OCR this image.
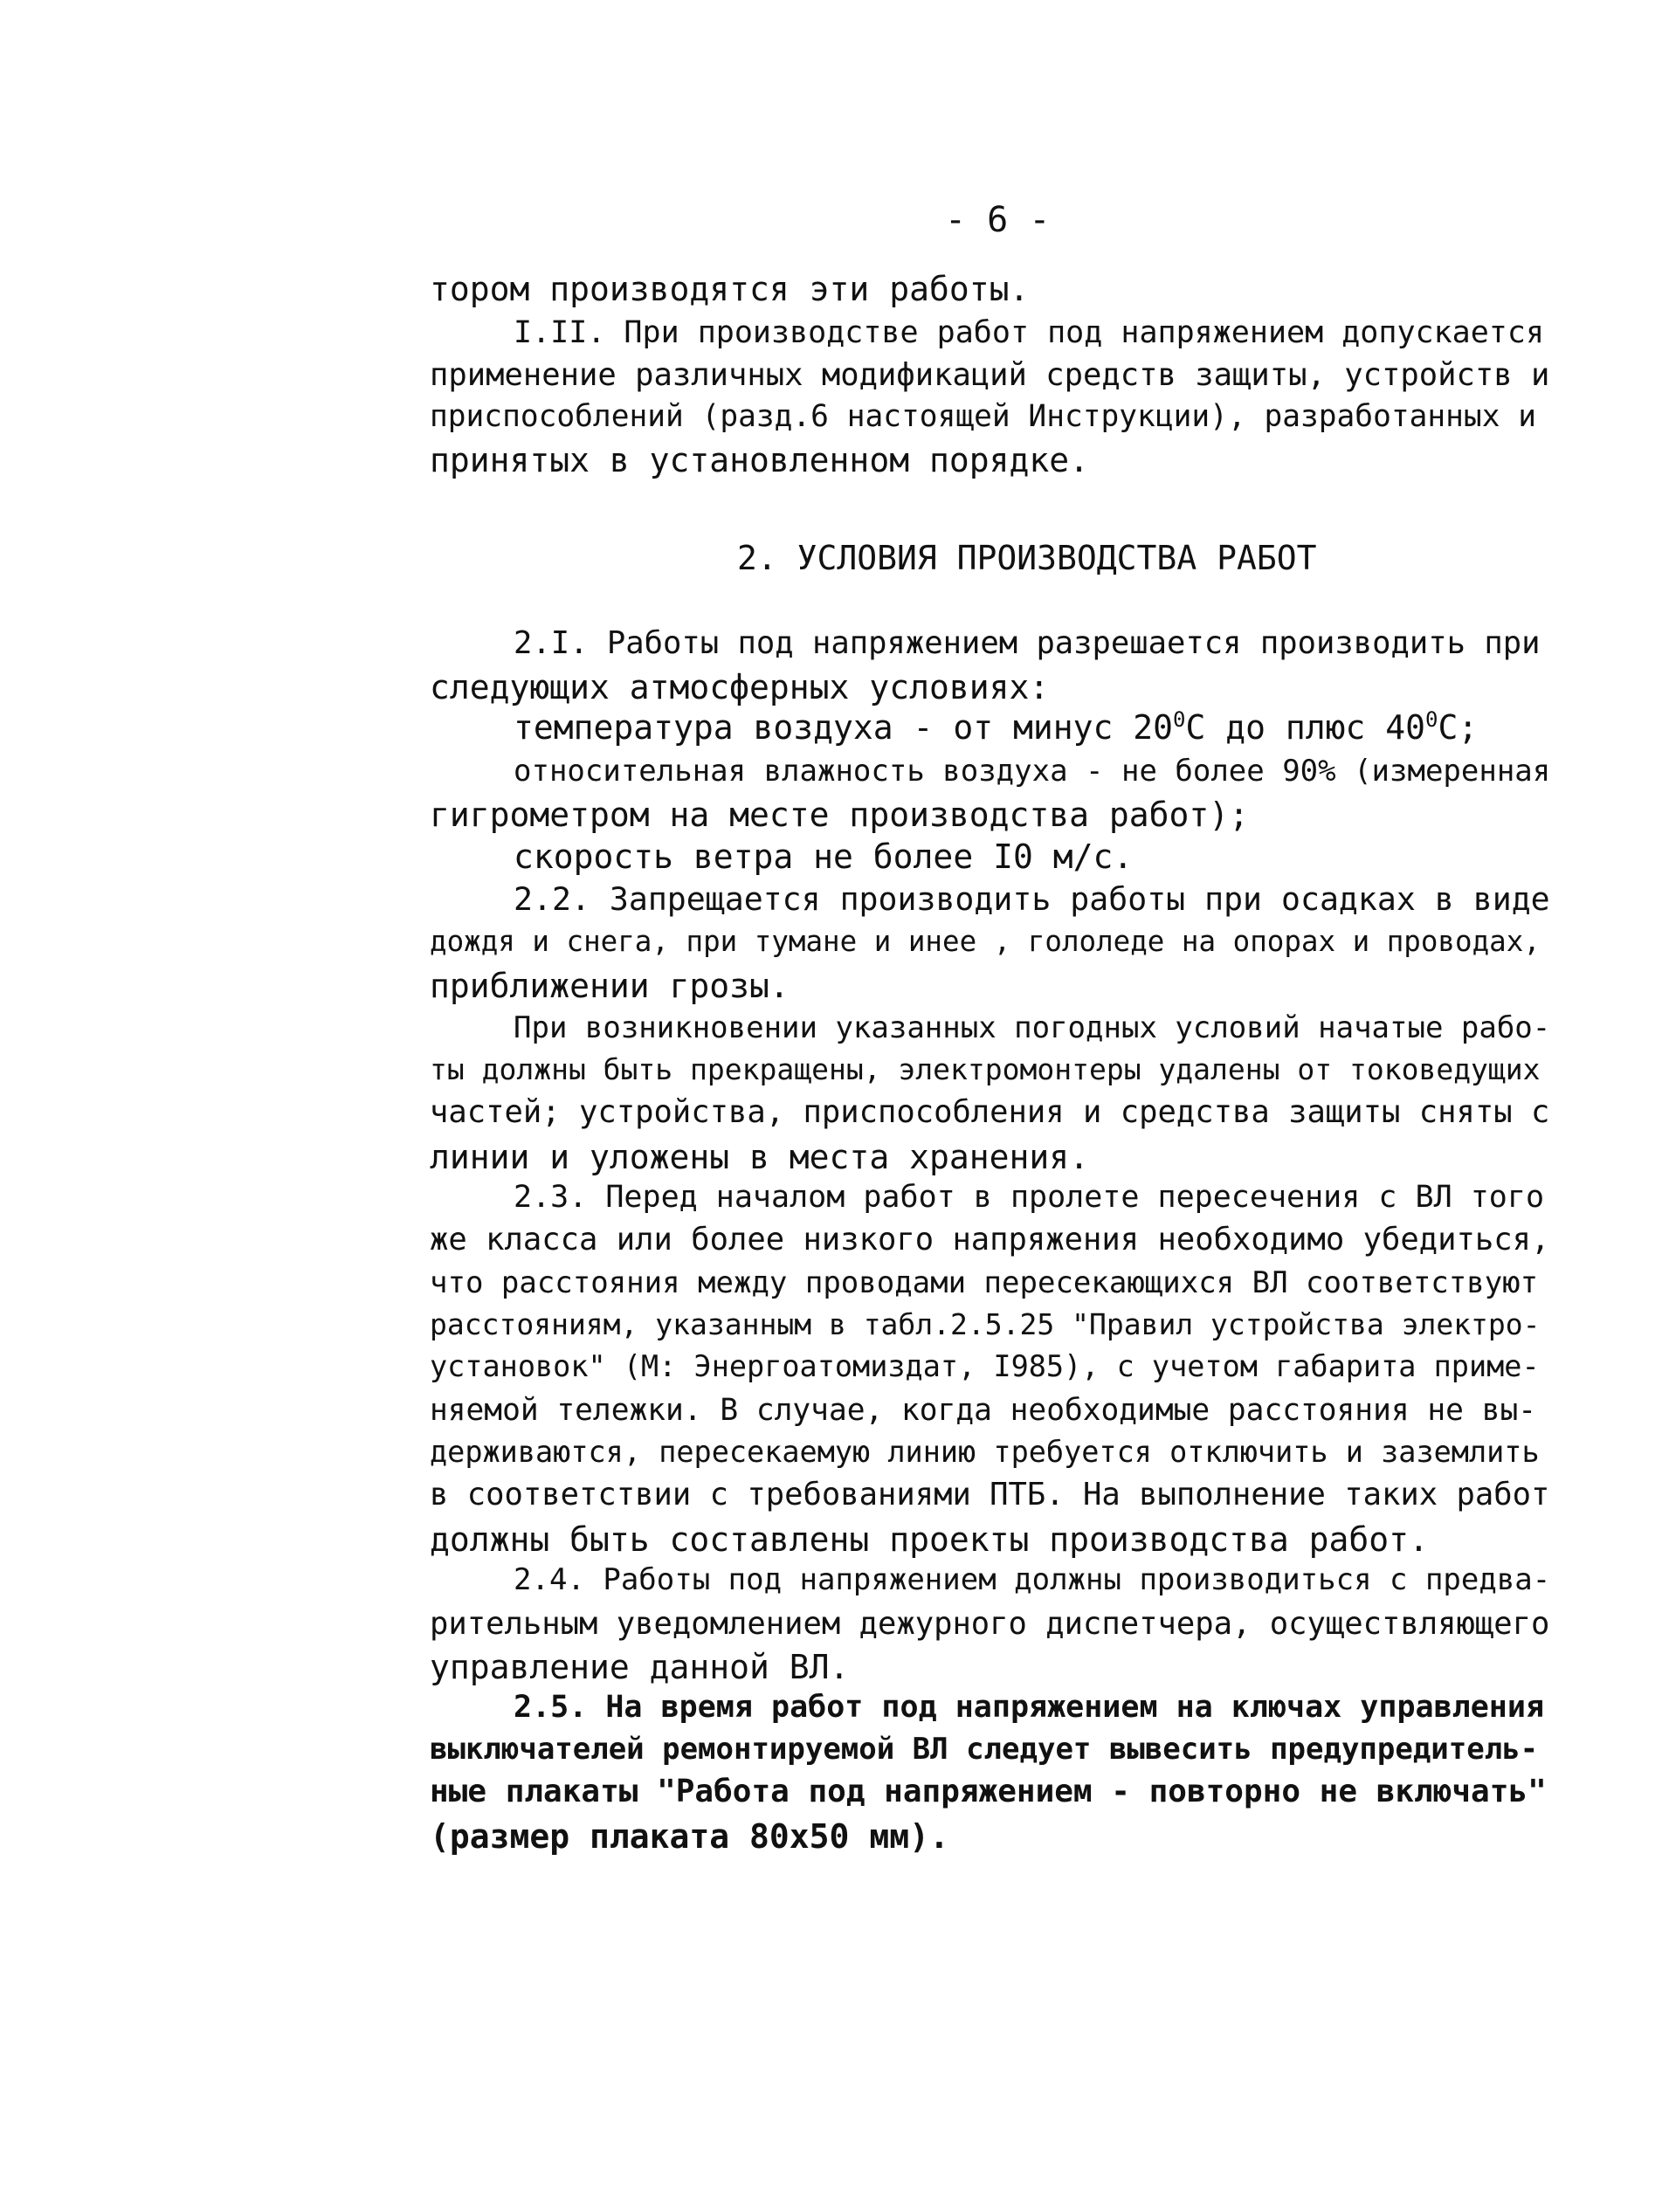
- 6 -
тором производятся эти работы.
I.II. При производстве работ под напряжением допускается
применение различных модификаций средств защиты, устройств и
приспособлений (разд.6 настоящей Инструкции), разработанных и
принятых в установленном порядке.
2. УСЛОВИЯ ПРОИЗВОДСТВА РАБОТ
2.I. Работы под напряжением разрешается производить при
следующих атмосферных условиях:
температура воздуха - от минус $20^0С$ до плюс $40^0С$;
относительная влажность воздуха - не более 90% (измеренная
гигрометром на месте производства работ);
скорость ветра не более I0 м/с.
2.2. Запрещается производить работы при осадках в виде
дождя и снега, при тумане и инее , гололеде на опорах и проводах,
приближении грозы.
При возникновении указанных погодных условий начатые рабо-
ты должны быть прекращены, электромонтеры удалены от токоведущих
частей; устройства, приспособления и средства защиты сняты с
линии и уложены в места хранения.
2.3. Перед началом работ в пролете пересечения с ВЛ того
же класса или более низкого напряжения необходимо убедиться,
что расстояния между проводами пересекающихся ВЛ соответствуют
расстояниям, указанным в табл.2.5.25 "Правил устройства электро-
установок" (М: Энергоатомиздат, I985), с учетом габарита приме-
няемой тележки. В случае, когда необходимые расстояния не вы-
держиваются, пересекаемую линию требуется отключить и заземлить
в соответствии с требованиями ПТБ. На выполнение таких работ
должны быть составлены проекты производства работ.
2.4. Работы под напряжением должны производиться с предва-
рительным уведомлением дежурного диспетчера, осуществляющего
управление данной ВЛ.
2.5. На время работ под напряжением на ключах управления
выключателей ремонтируемой ВЛ следует вывесить предупредитель-
ные плакаты "Работа под напряжением - повторно не включать"
(размер плаката 80х50 мм).
